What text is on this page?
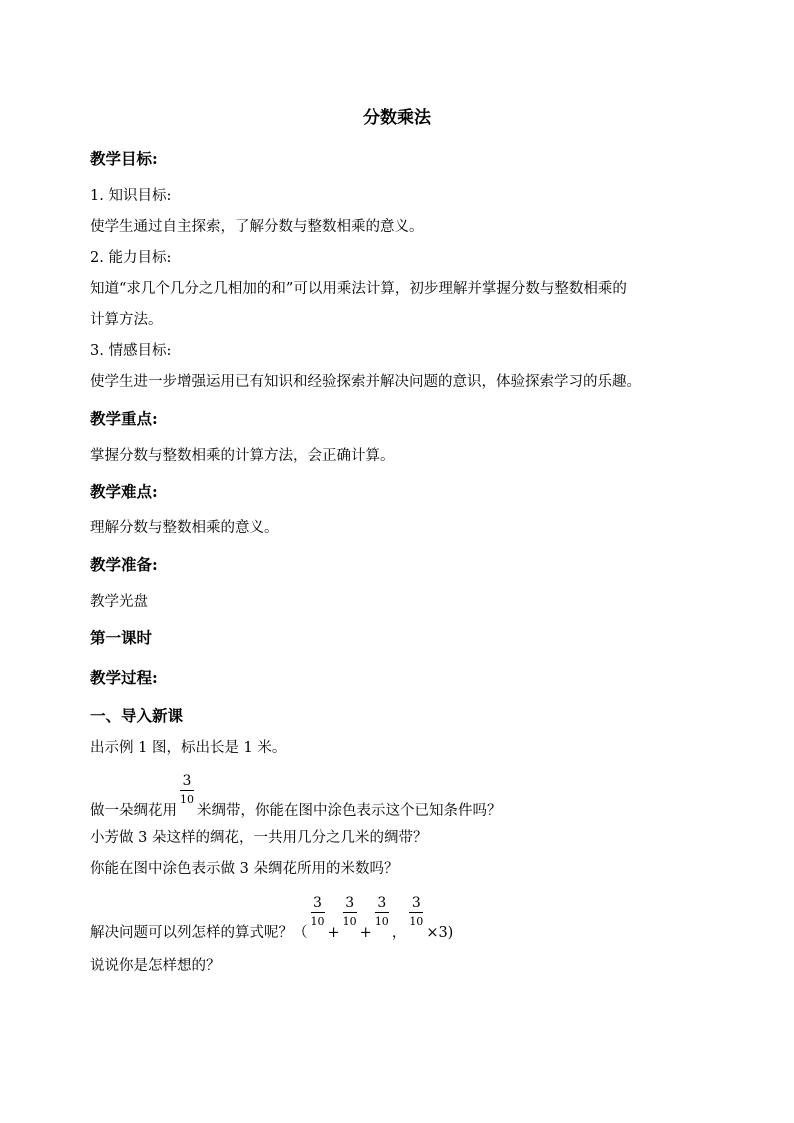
分数乘法
教学目标:
1. 知识目标:
使学生通过自主探索，了解分数与整数相乘的意义。
2. 能力目标:
知道“求几个几分之几相加的和”可以用乘法计算，初步理解并掌握分数与整数相乘的
计算方法。
3. 情感目标:
使学生进一步增强运用已有知识和经验探索并解决问题的意识，体验探索学习的乐趣。
教学重点:
掌握分数与整数相乘的计算方法，会正确计算。
教学难点:
理解分数与整数相乘的意义。
教学准备:
教学光盘
第一课时
教学过程:
一、导入新课
出示例 1 图，标出长是 1 米。
做一朵绸花用 $\frac{3}{10}$ 米绸带，你能在图中涂色表示这个已知条件吗？
小芳做 3 朵这样的绸花，一共用几分之几米的绸带？
你能在图中涂色表示做 3 朵绸花所用的米数吗？
解决问题可以列怎样的算式呢？（ $\frac{3}{10} + \frac{3}{10} + \frac{3}{10}$ ， $\frac{3}{10} \times 3$)
说说你是怎样想的？
